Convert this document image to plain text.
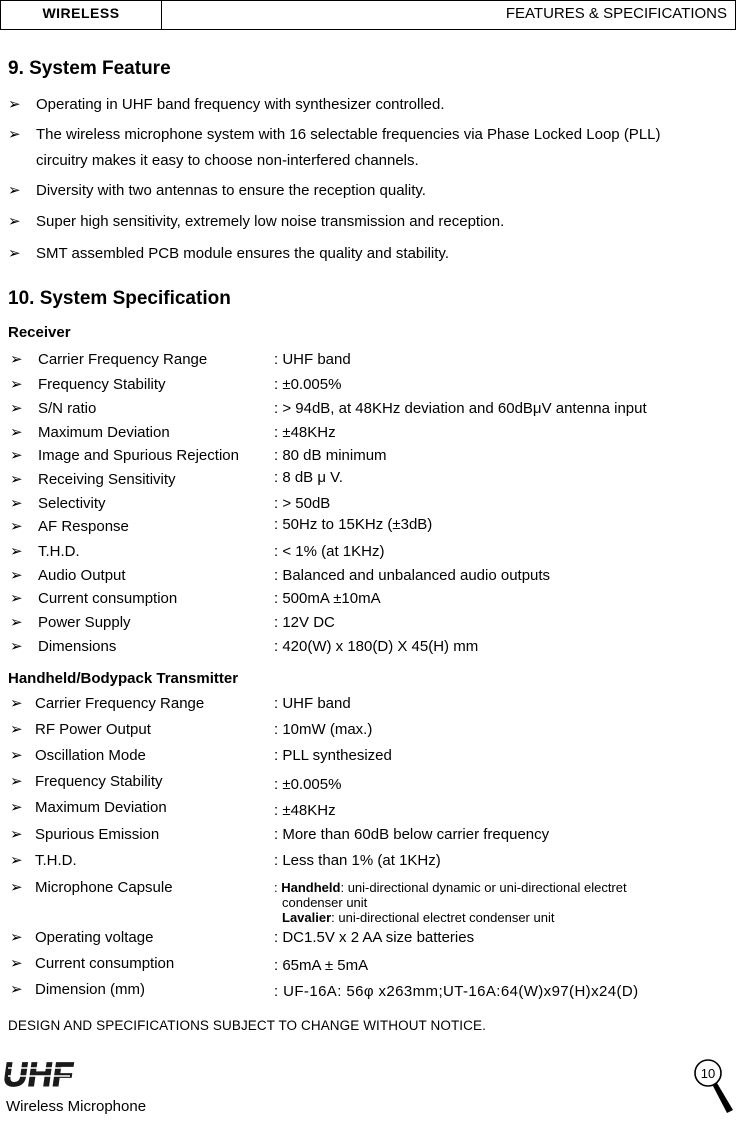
WIRELESS	FEATURES & SPECIFICATIONS
9. System Feature
➢	Operating in UHF band frequency with synthesizer controlled.
➢	The wireless microphone system with 16 selectable frequencies via Phase Locked Loop (PLL) circuitry makes it easy to choose non-interfered channels.
➢	Diversity with two antennas to ensure the reception quality.
➢	Super high sensitivity, extremely low noise transmission and reception.
➢	SMT assembled PCB module ensures the quality and stability.
10. System Specification
Receiver
➢ Carrier Frequency Range	: UHF band
➢ Frequency Stability	: ±0.005%
➢ S/N ratio	: > 94dB, at 48KHz deviation and 60dBμV antenna input
➢ Maximum Deviation	: ±48KHz
➢ Image and Spurious Rejection : 80 dB minimum
➢ Receiving Sensitivity	: 8 dB μ V.
➢ Selectivity	: > 50dB
➢ AF Response	: 50Hz to 15KHz (±3dB)
➢ T.H.D.	: < 1% (at 1KHz)
➢ Audio Output	: Balanced and unbalanced audio outputs
➢ Current consumption	: 500mA ±10mA
➢ Power Supply	: 12V DC
➢ Dimensions	: 420(W) x 180(D) X 45(H) mm
Handheld/Bodypack Transmitter
➢ Carrier Frequency Range	: UHF band
➢ RF Power Output	: 10mW (max.)
➢ Oscillation Mode	: PLL synthesized
➢ Frequency Stability	: ±0.005%
➢ Maximum Deviation	: ±48KHz
➢ Spurious Emission	: More than 60dB below carrier frequency
➢ T.H.D.	: Less than 1% (at 1KHz)
➢ Microphone Capsule	: Handheld: uni-directional dynamic or uni-directional electret
condenser unit
Lavalier: uni-directional electret condenser unit
➢ Operating voltage	: DC1.5V x 2 AA size batteries
➢ Current consumption	: 65mA ± 5mA
➢ Dimension (mm)	: UF-16A: 56φ x263mm;UT-16A:64(W)x97(H)x24(D)
DESIGN AND SPECIFICATIONS SUBJECT TO CHANGE WITHOUT NOTICE.
UHF
Wireless Microphone
10
